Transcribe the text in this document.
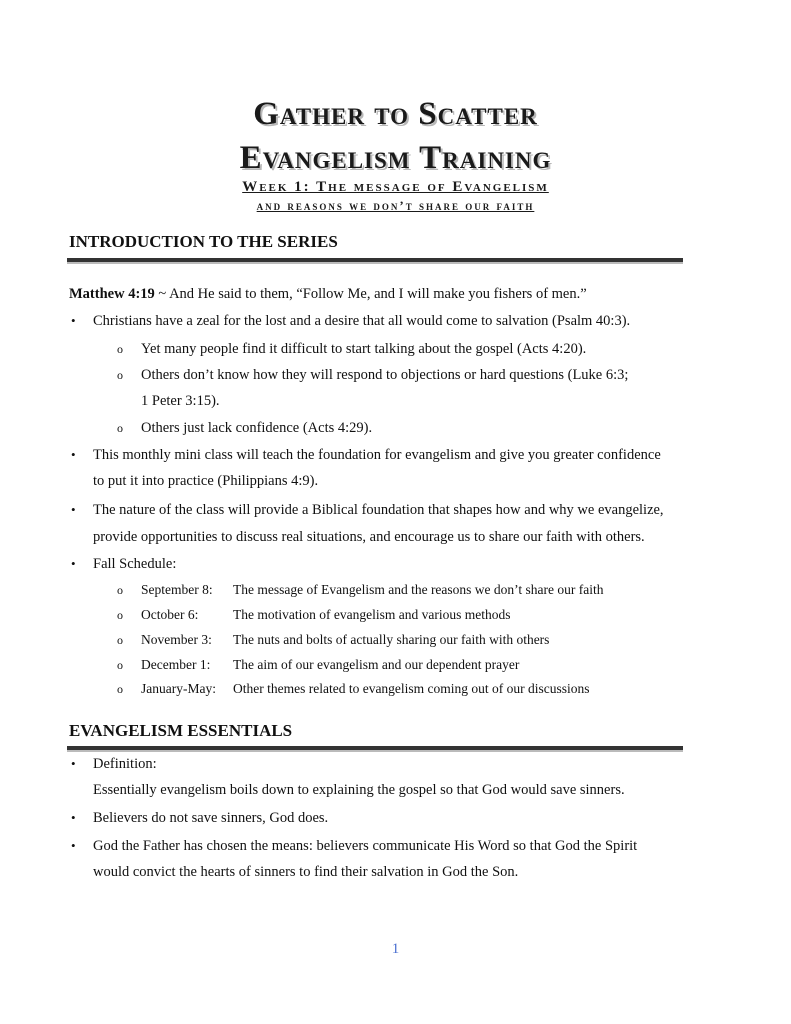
Gather to Scatter
Evangelism Training
Week 1: The message of Evangelism
and reasons we don’t share our faith
INTRODUCTION TO THE SERIES
Matthew 4:19 ~ And He said to them, “Follow Me, and I will make you fishers of men.”
• Christians have a zeal for the lost and a desire that all would come to salvation (Psalm 40:3).
o Yet many people find it difficult to start talking about the gospel (Acts 4:20).
o Others don’t know how they will respond to objections or hard questions (Luke 6:3;
1 Peter 3:15).
o Others just lack confidence (Acts 4:29).
• This monthly mini class will teach the foundation for evangelism and give you greater confidence
to put it into practice (Philippians 4:9).
• The nature of the class will provide a Biblical foundation that shapes how and why we evangelize,
provide opportunities to discuss real situations, and encourage us to share our faith with others.
• Fall Schedule:
o September 8: The message of Evangelism and the reasons we don’t share our faith
o October 6:	The motivation of evangelism and various methods
o November 3: The nuts and bolts of actually sharing our faith with others
o December 1: The aim of our evangelism and our dependent prayer
o January-May: Other themes related to evangelism coming out of our discussions
EVANGELISM ESSENTIALS
• Definition:
Essentially evangelism boils down to explaining the gospel so that God would save sinners.
• Believers do not save sinners, God does.
• God the Father has chosen the means: believers communicate His Word so that God the Spirit
would convict the hearts of sinners to find their salvation in God the Son.
1
